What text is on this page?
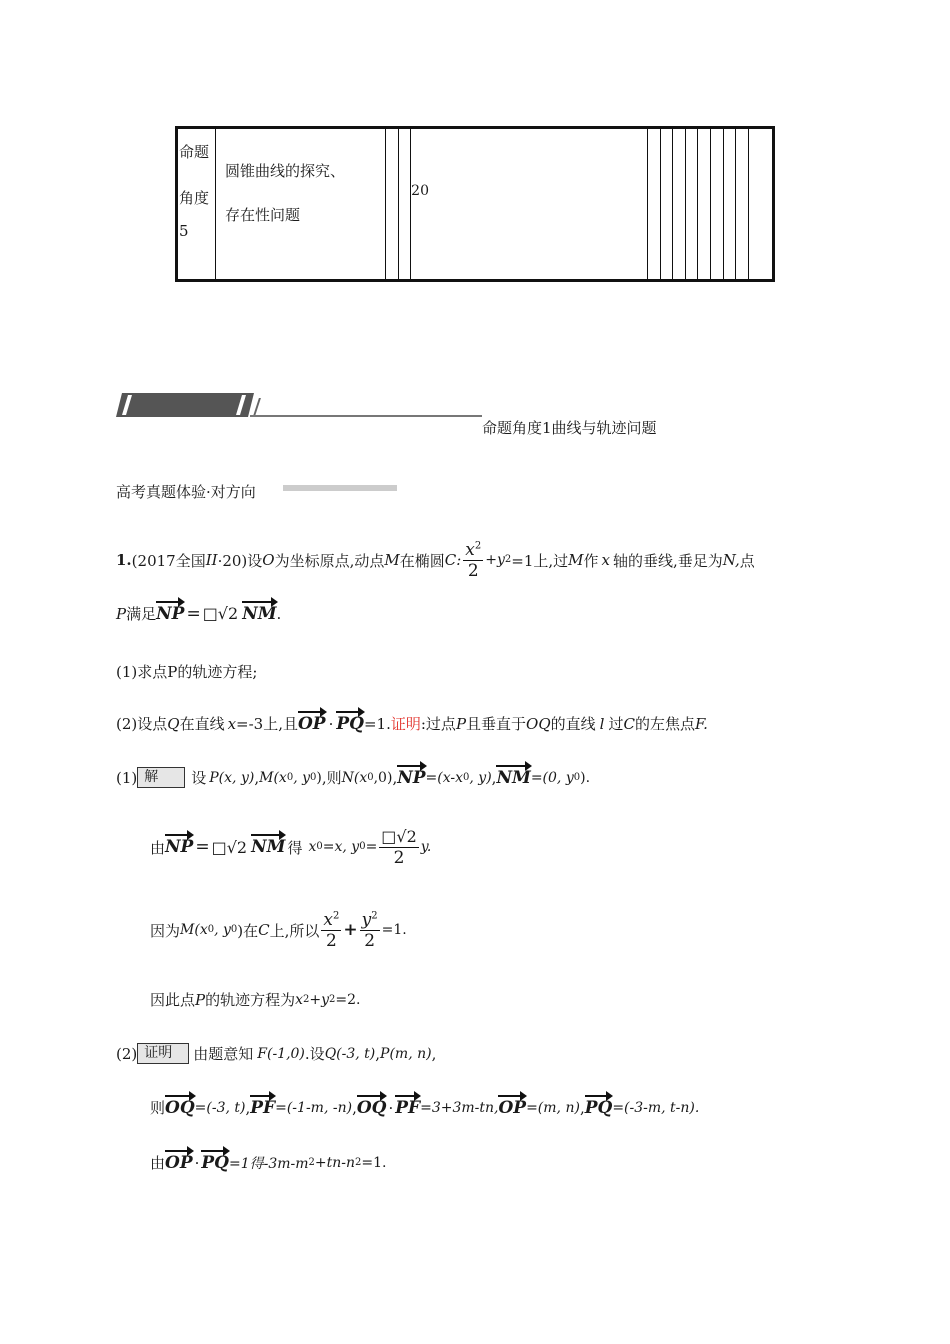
命题
角度
5

圆锥曲线的探究、
存在性问题
			20									
命题角度1曲线与轨迹问题
高考真题体验·对方向
1. (2017全国 II ·20)设 O 为坐标原点,动点 M 在椭圆 C: $\frac{x^2}{2} +y$ 2 =1上,过 M 作 x 轴的垂线,垂足为 N, 点
P 满足 NP = □√2 NM .
(1)求点P的轨迹方程;
(2)设点 Q 在直线 x =-3上,且 OP · PQ =1. 证明 :过点 P 且垂直于 OQ 的直线 l 过 C 的左焦点 F.
(1) 解	设 P(x, y) , M(x 0 , y 0 ) ,则 N(x 0 ,0) , NP =(x-x 0 , y) , NM =(0, y 0 ).
由 NP = □√2 NM 得 x 0 =x, y $0 = \frac{□√2}{2} y$.
因为 M(x 0 , y 0 )在 C 上,所以 $\frac{x^2}{2} + \frac{y^2}{2} =1$.
因此点 P 的轨迹方程为 x 2 +y 2 =2.
(2) 证明	由题意知 F(-1,0) .设 Q(-3, t) , P(m, n) ,
则 OQ =(-3, t) , PF =(-1-m, -n) , OQ · PF =3+3m-tn, OP =(m, n) , PQ =(-3-m, t-n).
由 OP · PQ =1得-3m-m 2 +tn-n 2 =1.
